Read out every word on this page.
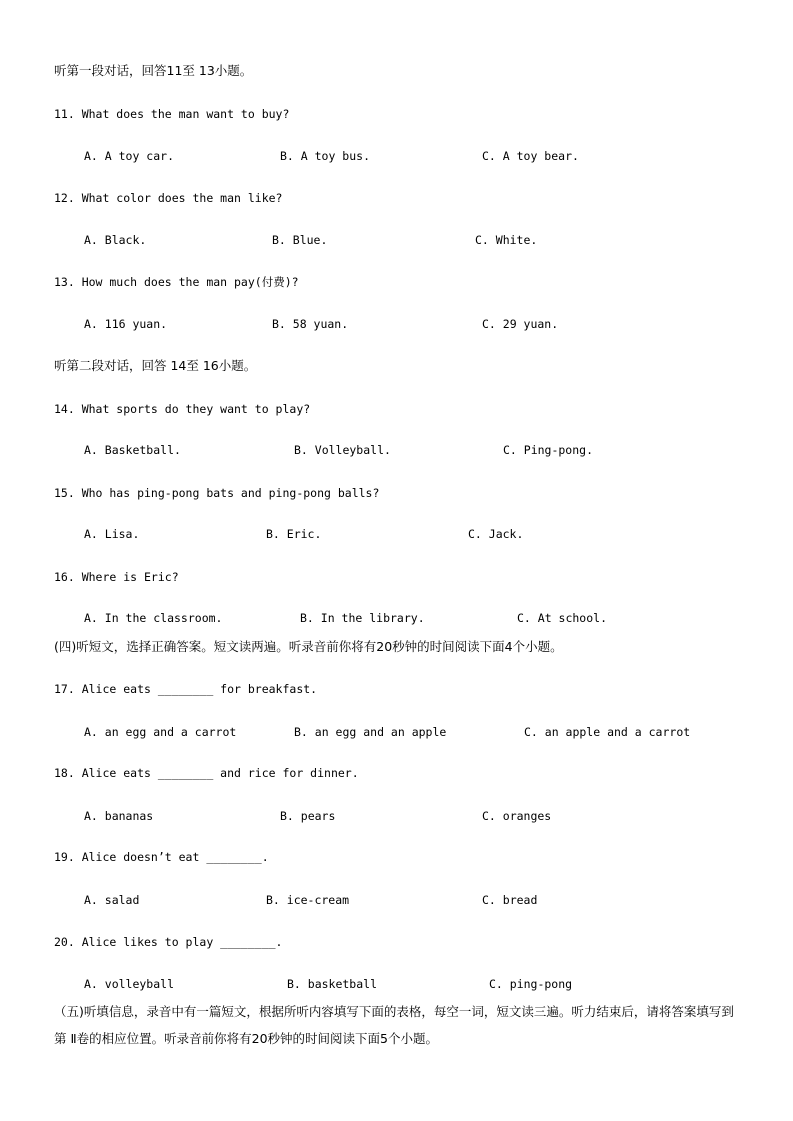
听第一段对话，回答11至 13小题。
11. What does the man want to buy?
A. A toy car.	B. A toy bus.	C. A toy bear.
12. What color does the man like?
A. Black.	B. Blue.	C. White.
13. How much does the man pay(付费)?
A. 116 yuan.	B. 58 yuan.	C. 29 yuan.
听第二段对话，回答 14至 16小题。
14. What sports do they want to play?
A. Basketball.	B. Volleyball.	C. Ping-pong.
15. Who has ping-pong bats and ping-pong balls?
A. Lisa.	B. Eric.	C. Jack.
16. Where is Eric?
A. In the classroom.	B. In the library.	C. At school.
(四)听短文，选择正确答案。短文读两遍。听录音前你将有20秒钟的时间阅读下面4个小题。
17. Alice eats ________ for breakfast.
A. an egg and a carrot	B. an egg and an apple	C. an apple and a carrot
18. Alice eats ________ and rice for dinner.
A. bananas	B. pears	C. oranges
19. Alice doesn’t eat ________.
A. salad	B. ice-cream	C. bread
20. Alice likes to play ________.
A. volleyball	B. basketball	C. ping-pong
（五)听填信息，录音中有一篇短文，根据所听内容填写下面的表格，每空一词，短文读三遍。听力结束后，请将答案填写到第 Ⅱ卷的相应位置。听录音前你将有20秒钟的时间阅读下面5个小题。
